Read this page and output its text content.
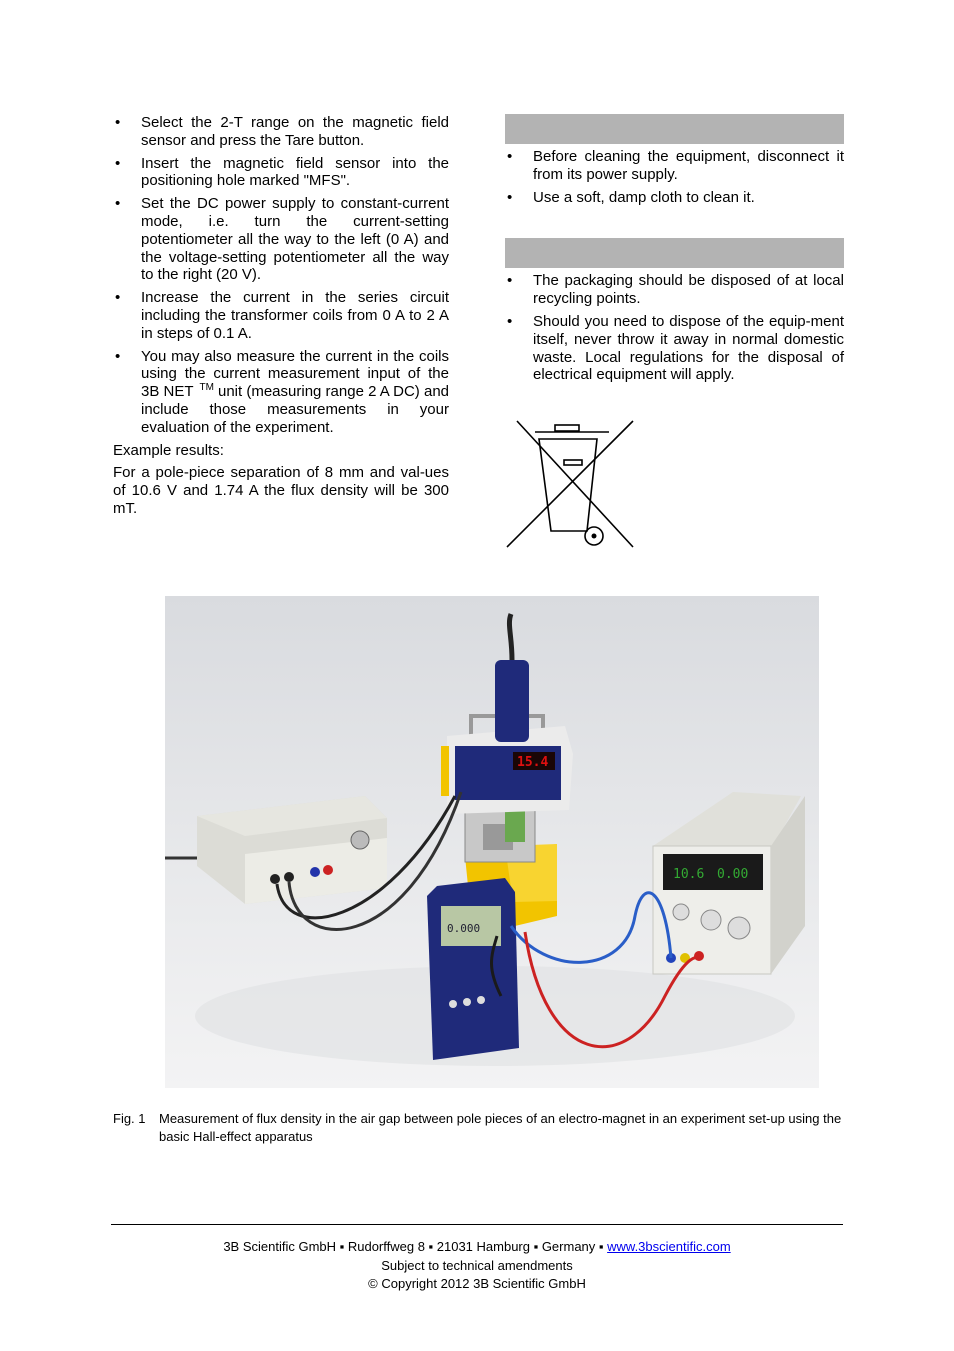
• Select the 2-T range on the magnetic field sensor and press the Tare button.
• Insert the magnetic field sensor into the positioning hole marked "MFS".
• Set the DC power supply to constant-current mode, i.e. turn the current-setting potentiometer all the way to the left (0 A) and the voltage-setting potentiometer all the way to the right (20 V).
• Increase the current in the series circuit including the transformer coils from 0 A to 2 A in steps of 0.1 A.
• You may also measure the current in the coils using the current measurement input of the 3B NET ™ unit (measuring range 2 A DC) and include those measurements in your evaluation of the experiment.

Example results:

For a pole-piece separation of 8 mm and val-ues of 10.6 V and 1.74 A the flux density will be 300 mT.

• Before cleaning the equipment, disconnect it from its power supply.
• Use a soft, damp cloth to clean it.
• The packaging should be disposed of at local recycling points.
• Should you need to dispose of the equip-ment itself, never throw it away in normal domestic waste. Local regulations for the disposal of electrical equipment will apply.
10.6 0.00
15.4
0.000
Fig. 1 Measurement of flux density in the air gap between pole pieces of an electro-magnet in an experiment set-up using the basic Hall-effect apparatus
3B Scientific GmbH ▪ Rudorffweg 8 ▪ 21031 Hamburg ▪ Germany ▪ www.3bscientific.com
Subject to technical amendments
© Copyright 2012 3B Scientific GmbH
